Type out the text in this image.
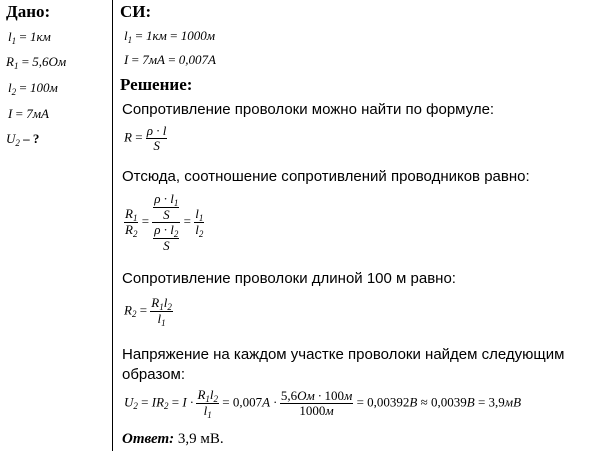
Дано:
$l_1 = 1км$
$R_1 = 5,6Ом$
$l_2 = 100м$
I = 7мА
$U_2$ – ?
СИ:
$l_1 = 1км = 1000м$
I = 7мА = 0,007А
Решение:
Сопротивление проволоки можно найти по формуле:
$R = \frac{\rho \cdot l}{S}$
Отсюда, соотношение сопротивлений проводников равно:
$\frac{R_1}{R_2} = \frac{\frac{\rho \cdot l_1}{S}}{\frac{\rho \cdot l_2}{S}} = \frac{l_1}{l_2}$
Сопротивление проволоки длиной 100 м равно:
$R_2 = \frac{R_1l_2}{l_1}$
Напряжение на каждом участке проволоки найдем следующим
образом:
$U_2 = IR_2 = I \cdot \frac{R_1l_2}{l_1} = 0,007А \cdot \frac{5,6Ом \cdot 100м}{1000м} = 0,00392В \approx 0,0039В = 3,9мВ$
Ответ: 3,9 мВ.
